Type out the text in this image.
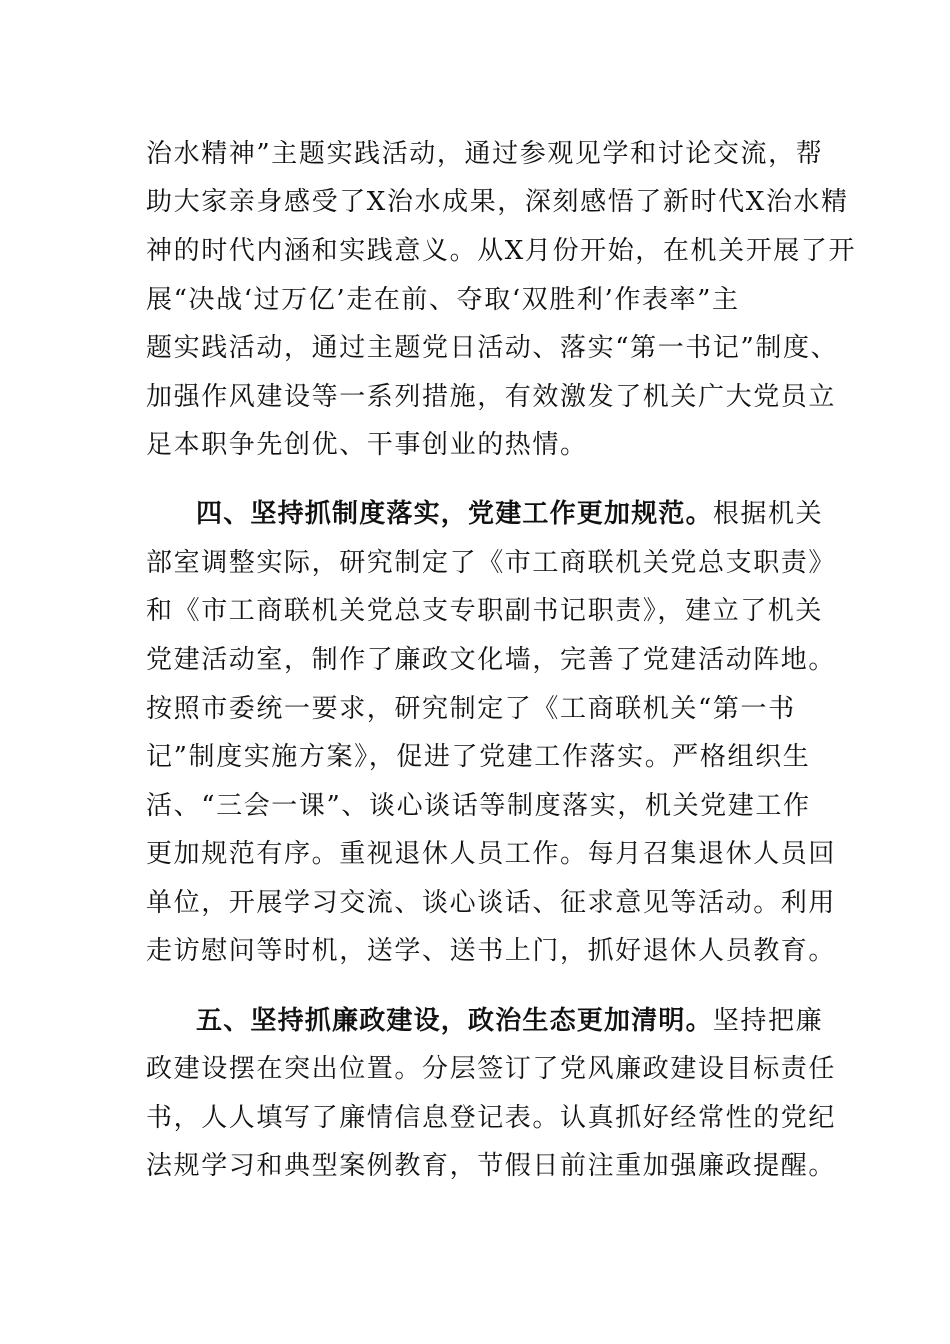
治水精神”主题实践活动，通过参观见学和讨论交流，帮

助大家亲身感受了X治水成果，深刻感悟了新时代X治水精

神的时代内涵和实践意义。从X月份开始，在机关开展了开

展“决战‘过万亿’走在前、夺取‘双胜利’作表率”主

题实践活动，通过主题党日活动、落实“第一书记”制度、

加强作风建设等一系列措施，有效激发了机关广大党员立

足本职争先创优、干事创业的热情。

四、坚持抓制度落实，党建工作更加规范。根据机关

部室调整实际，研究制定了《市工商联机关党总支职责》

和《市工商联机关党总支专职副书记职责》，建立了机关

党建活动室，制作了廉政文化墙，完善了党建活动阵地。

按照市委统一要求，研究制定了《工商联机关“第一书

记”制度实施方案》，促进了党建工作落实。严格组织生

活、“三会一课”、谈心谈话等制度落实，机关党建工作

更加规范有序。重视退休人员工作。每月召集退休人员回

单位，开展学习交流、谈心谈话、征求意见等活动。利用

走访慰问等时机，送学、送书上门，抓好退休人员教育。

五、坚持抓廉政建设，政治生态更加清明。坚持把廉

政建设摆在突出位置。分层签订了党风廉政建设目标责任

书，人人填写了廉情信息登记表。认真抓好经常性的党纪

法规学习和典型案例教育，节假日前注重加强廉政提醒。
